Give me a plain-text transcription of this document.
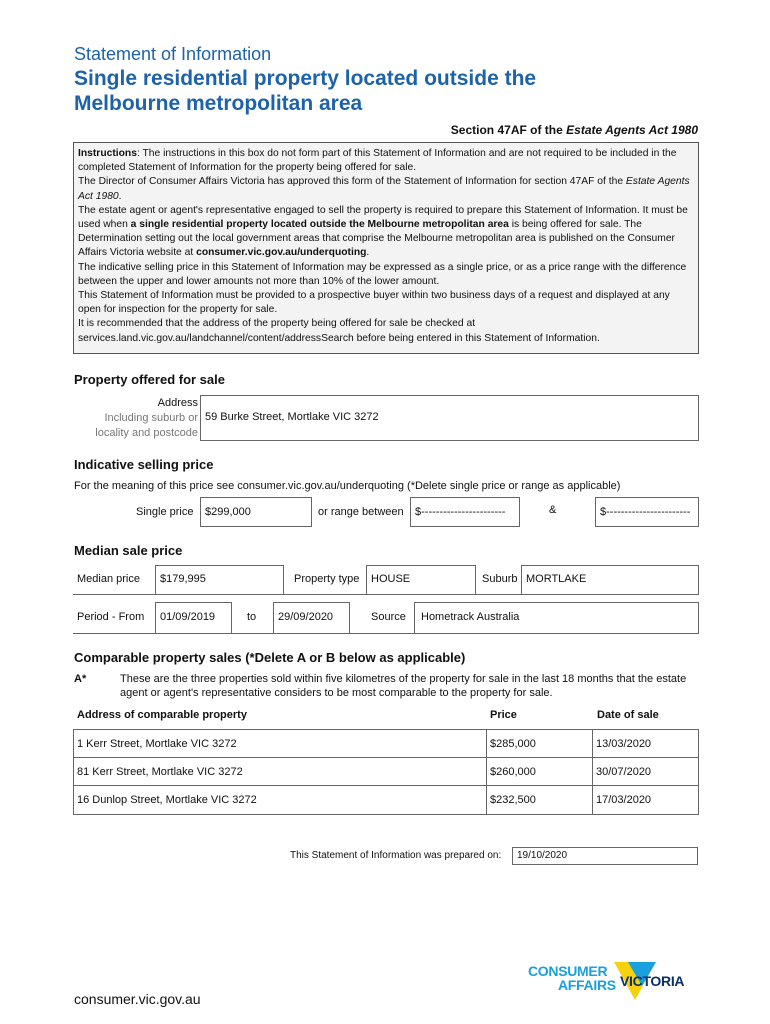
Statement of Information
Single residential property located outside the
Melbourne metropolitan area
Section 47AF of the Estate Agents Act 1980

Instructions: The instructions in this box do not form part of this Statement of Information and are not required to be included in the completed Statement of Information for the property being offered for sale.

The Director of Consumer Affairs Victoria has approved this form of the Statement of Information for section 47AF of the Estate Agents Act 1980.

The estate agent or agent's representative engaged to sell the property is required to prepare this Statement of Information. It must be used when a single residential property located outside the Melbourne metropolitan area is being offered for sale. The Determination setting out the local government areas that comprise the Melbourne metropolitan area is published on the Consumer Affairs Victoria website at consumer.vic.gov.au/underquoting.

The indicative selling price in this Statement of Information may be expressed as a single price, or as a price range with the difference between the upper and lower amounts not more than 10% of the lower amount.

This Statement of Information must be provided to a prospective buyer within two business days of a request and displayed at any open for inspection for the property for sale.

It is recommended that the address of the property being offered for sale be checked at services.land.vic.gov.au/landchannel/content/addressSearch before being entered in this Statement of Information.

Property offered for sale
Address
Including suburb or
locality and postcode
59 Burke Street, Mortlake VIC 3272
Indicative selling price
For the meaning of this price see consumer.vic.gov.au/underquoting (*Delete single price or range as applicable)
Single price	$299,000	or range between	$-----------------------	&	$-----------------------
Median sale price
Median price	$179,995	Property type	HOUSE	Suburb MORTLAKE
Period - From	01/09/2019	to	29/09/2020	Source	Hometrack Australia
Comparable property sales (*Delete A or B below as applicable)
A*	These are the three properties sold within five kilometres of the property for sale in the last 18 months that the estate agent or agent's representative considers to be most comparable to the property for sale.
Address of comparable property	Price	Date of sale
1 Kerr Street, Mortlake VIC 3272	$285,000	13/03/2020
81 Kerr Street, Mortlake VIC 3272	$260,000	30/07/2020
16 Dunlop Street, Mortlake VIC 3272	$232,500	17/03/2020
This Statement of Information was prepared on:	19/10/2020
CONSUMER
AFFAIRS VICTORIA
consumer.vic.gov.au
